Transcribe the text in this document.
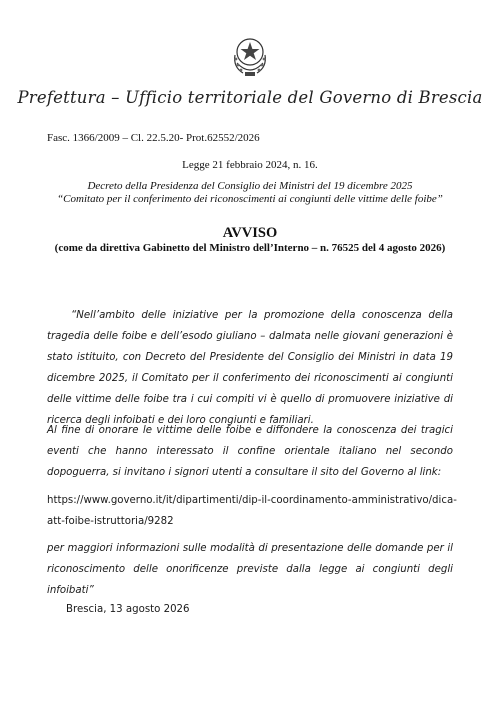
Prefettura – Ufficio territoriale del Governo di Brescia
Fasc. 1366/2009 – Cl. 22.5.20- Prot.62552/2026
Legge 21 febbraio 2024, n. 16.
Decreto della Presidenza del Consiglio dei Ministri del 19 dicembre 2025
“Comitato per il conferimento dei riconoscimenti ai congiunti delle vittime delle foibe”
AVVISO
(come da direttiva Gabinetto del Ministro dell’Interno – n. 76525 del 4 agosto 2026)
“Nell’ambito delle iniziative per la promozione della conoscenza della tragedia delle foibe e dell’esodo giuliano – dalmata nelle giovani generazioni è stato istituito, con Decreto del Presidente del Consiglio dei Ministri in data 19 dicembre 2025, il Comitato per il conferimento dei riconoscimenti ai congiunti delle vittime delle foibe tra i cui compiti vi è quello di promuovere iniziative di ricerca degli infoibati e dei loro congiunti e familiari.
Al fine di onorare le vittime delle foibe e diffondere la conoscenza dei tragici eventi che hanno interessato il confine orientale italiano nel secondo dopoguerra, si invitano i signori utenti a consultare il sito del Governo al link:
https://www.governo.it/it/dipartimenti/dip-il-coordinamento-amministrativo/dica-att-foibe-istruttoria/9282
per maggiori informazioni sulle modalità di presentazione delle domande per il riconoscimento delle onorificenze previste dalla legge ai congiunti degli infoibati”
Brescia, 13 agosto 2026
